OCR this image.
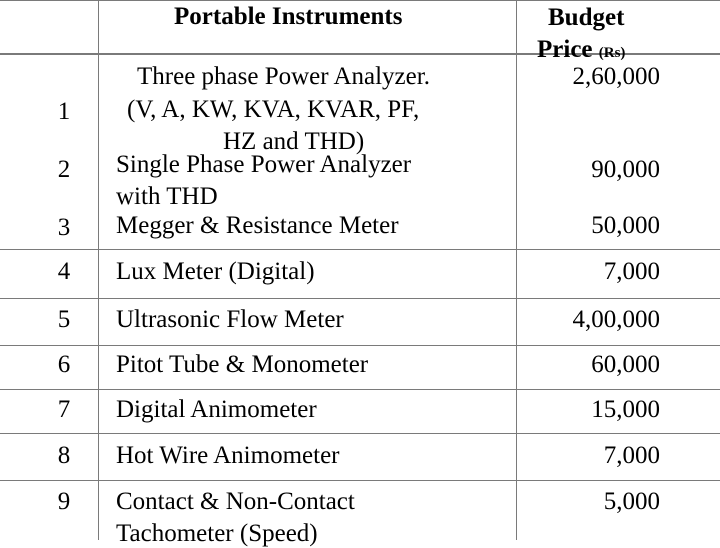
Portable Instruments	Budget
Price (Rs)
1
Three phase Power Analyzer.
(V, A, KW, KVA, KVAR, PF,
HZ and THD)
2,60,000
2	Single Phase Power Analyzer
with THD
90,000
3	Megger & Resistance Meter	50,000
4	Lux Meter (Digital)	7,000
5	Ultrasonic Flow Meter	4,00,000
6	Pitot Tube & Monometer	60,000
7	Digital Animometer	15,000
8	Hot Wire Animometer	7,000
9	Contact & Non-Contact
Tachometer (Speed)
5,000
